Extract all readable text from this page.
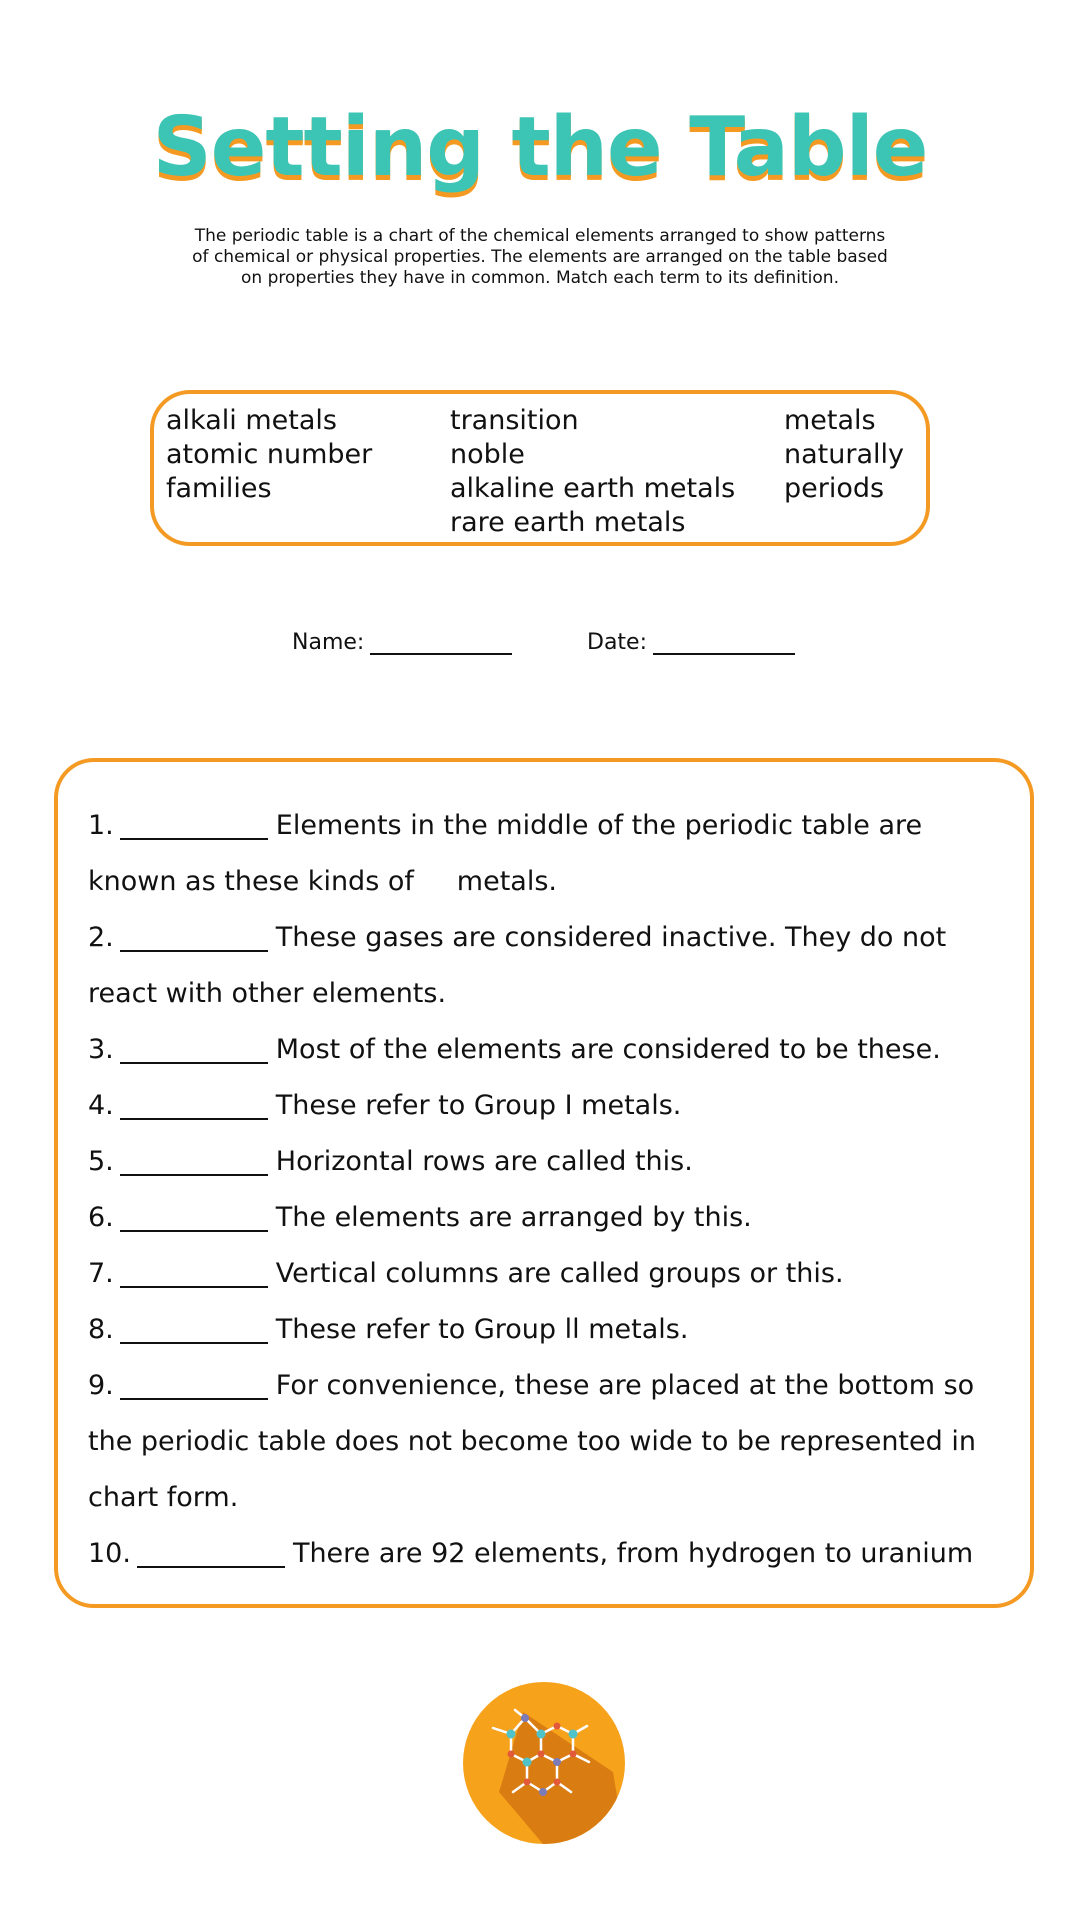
Setting the Table
The periodic table is a chart of the chemical elements arranged to show patterns of chemical or physical properties. The elements are arranged on the table based on properties they have in common. Match each term to its definition.
alkali metals
atomic number
families
transition
noble
alkaline earth metals
rare earth metals
metals
naturally
periods
Name:	Date:
1.	Elements in the middle of the periodic table are known as these kinds of     metals.
2.	These gases are considered inactive. They do not react with other elements.
3.	Most of the elements are considered to be these.
4.	These refer to Group I metals.
5.	Horizontal rows are called this.
6.	The elements are arranged by this.
7.	Vertical columns are called groups or this.
8.	These refer to Group ll metals.
9.	For convenience, these are placed at the bottom so the periodic table does not become too wide to be represented in chart form.
10.	There are 92 elements, from hydrogen to uranium
